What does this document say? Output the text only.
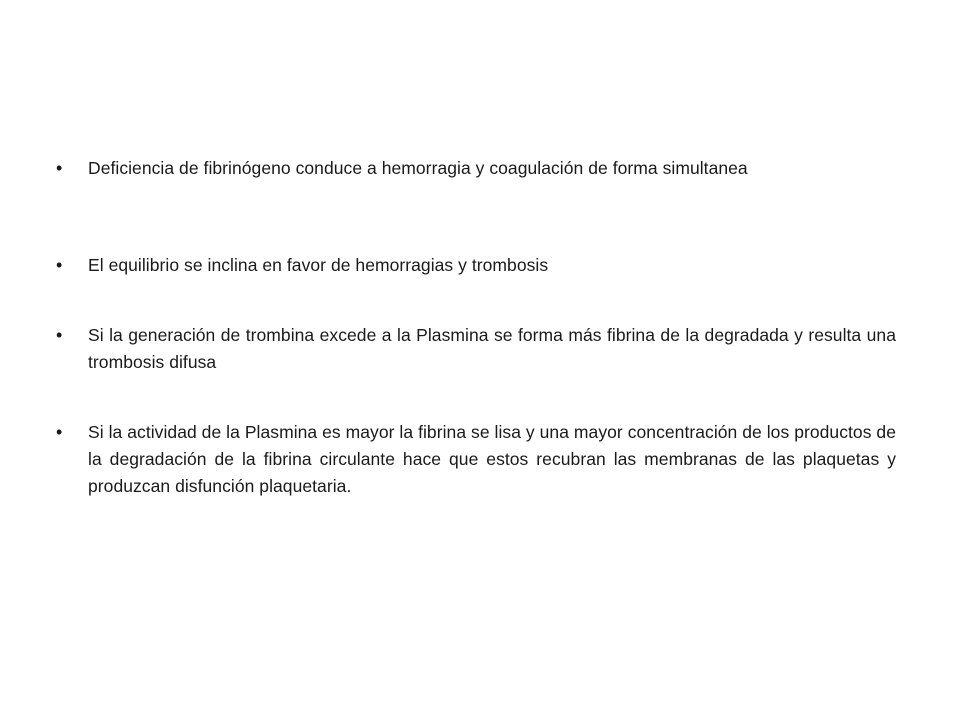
• Deficiencia de fibrinógeno conduce a hemorragia y coagulación de forma simultanea
• El equilibrio se inclina en favor de hemorragias y trombosis
• Si la generación de trombina excede a la Plasmina se forma más fibrina de la degradada y resulta una trombosis difusa
• Si la actividad de la Plasmina es mayor la fibrina se lisa y una mayor concentración de los productos de la degradación de la fibrina circulante hace que estos recubran las membranas de las plaquetas y produzcan disfunción plaquetaria.
